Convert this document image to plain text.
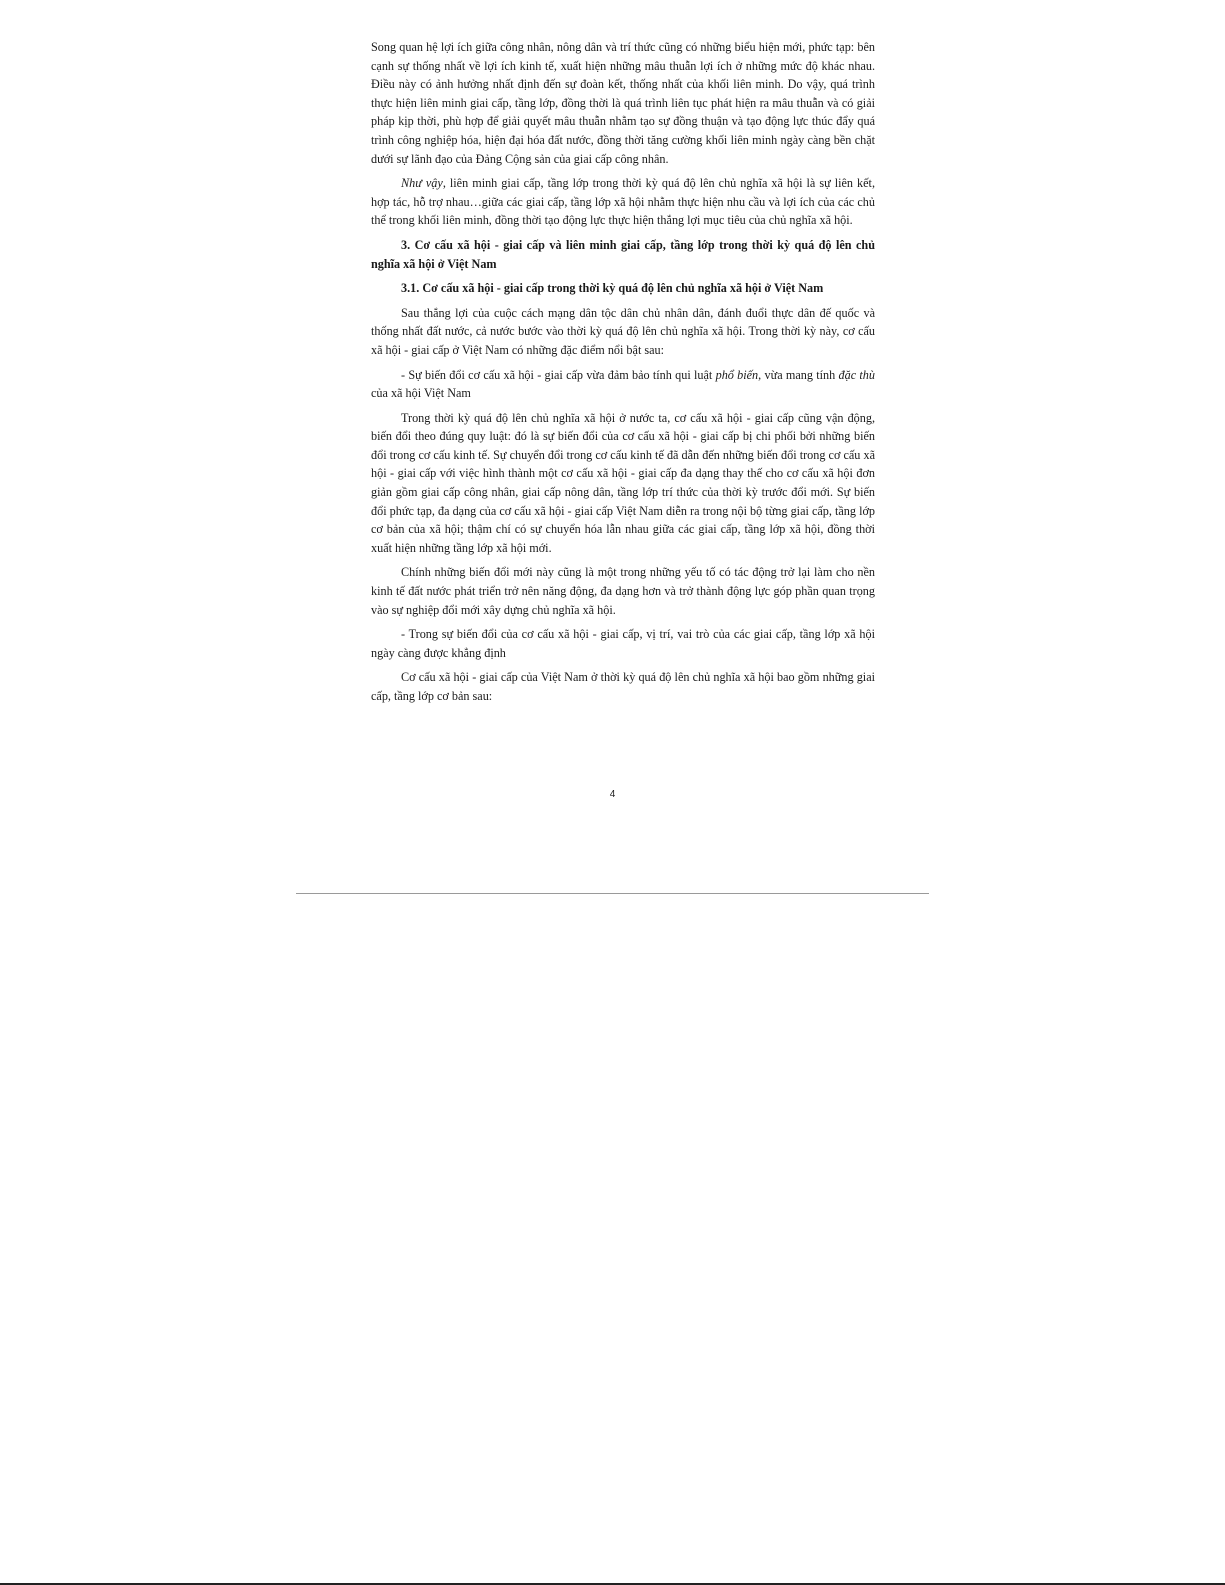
Song quan hệ lợi ích giữa công nhân, nông dân và trí thức cũng có những biểu hiện mới, phức tạp: bên cạnh sự thống nhất về lợi ích kinh tế, xuất hiện những mâu thuẫn lợi ích ở những mức độ khác nhau. Điều này có ảnh hưởng nhất định đến sự đoàn kết, thống nhất của khối liên minh. Do vậy, quá trình thực hiện liên minh giai cấp, tầng lớp, đồng thời là quá trình liên tục phát hiện ra mâu thuẫn và có giải pháp kịp thời, phù hợp để giải quyết mâu thuẫn nhằm tạo sự đồng thuận và tạo động lực thúc đẩy quá trình công nghiệp hóa, hiện đại hóa đất nước, đồng thời tăng cường khối liên minh ngày càng bền chặt dưới sự lãnh đạo của Đảng Cộng sản của giai cấp công nhân.

Như vậy, liên minh giai cấp, tầng lớp trong thời kỳ quá độ lên chủ nghĩa xã hội là sự liên kết, hợp tác, hỗ trợ nhau…giữa các giai cấp, tầng lớp xã hội nhằm thực hiện nhu cầu và lợi ích của các chủ thể trong khối liên minh, đồng thời tạo động lực thực hiện thắng lợi mục tiêu của chủ nghĩa xã hội.

3. Cơ cấu xã hội - giai cấp và liên minh giai cấp, tầng lớp trong thời kỳ quá độ lên chủ nghĩa xã hội ở Việt Nam
3.1. Cơ cấu xã hội - giai cấp trong thời kỳ quá độ lên chủ nghĩa xã hội ở Việt Nam

Sau thắng lợi của cuộc cách mạng dân tộc dân chủ nhân dân, đánh đuổi thực dân đế quốc và thống nhất đất nước, cả nước bước vào thời kỳ quá độ lên chủ nghĩa xã hội. Trong thời kỳ này, cơ cấu xã hội - giai cấp ở Việt Nam có những đặc điểm nổi bật sau:

- Sự biến đổi cơ cấu xã hội - giai cấp vừa đảm bảo tính qui luật phổ biến, vừa mang tính đặc thù của xã hội Việt Nam

Trong thời kỳ quá độ lên chủ nghĩa xã hội ở nước ta, cơ cấu xã hội - giai cấp cũng vận động, biến đổi theo đúng quy luật: đó là sự biến đổi của cơ cấu xã hội - giai cấp bị chi phối bởi những biến đổi trong cơ cấu kinh tế. Sự chuyển đổi trong cơ cấu kinh tế đã dẫn đến những biến đổi trong cơ cấu xã hội - giai cấp với việc hình thành một cơ cấu xã hội - giai cấp đa dạng thay thế cho cơ cấu xã hội đơn giản gồm giai cấp công nhân, giai cấp nông dân, tầng lớp trí thức của thời kỳ trước đổi mới. Sự biến đổi phức tạp, đa dạng của cơ cấu xã hội - giai cấp Việt Nam diễn ra trong nội bộ từng giai cấp, tầng lớp cơ bản của xã hội; thậm chí có sự chuyển hóa lẫn nhau giữa các giai cấp, tầng lớp xã hội, đồng thời xuất hiện những tầng lớp xã hội mới.

Chính những biến đổi mới này cũng là một trong những yếu tố có tác động trở lại làm cho nền kinh tế đất nước phát triển trở nên năng động, đa dạng hơn và trở thành động lực góp phần quan trọng vào sự nghiệp đổi mới xây dựng chủ nghĩa xã hội.

- Trong sự biến đổi của cơ cấu xã hội - giai cấp, vị trí, vai trò của các giai cấp, tầng lớp xã hội ngày càng được khẳng định

Cơ cấu xã hội - giai cấp của Việt Nam ở thời kỳ quá độ lên chủ nghĩa xã hội bao gồm những giai cấp, tầng lớp cơ bản sau:

4
